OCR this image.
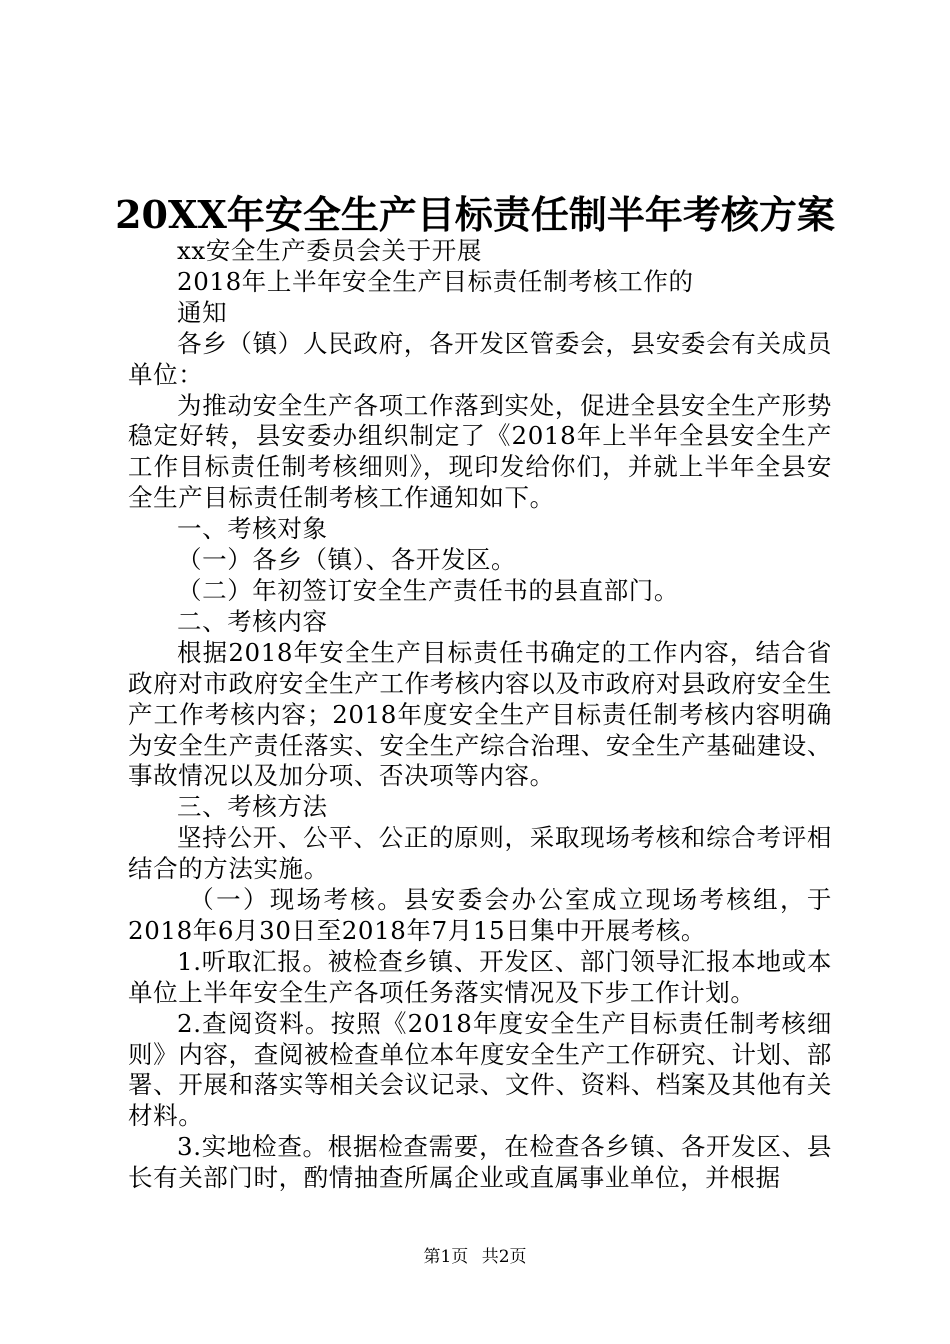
20XX年安全生产目标责任制半年考核方案

xx安全生产委员会关于开展

2018年上半年安全生产目标责任制考核工作的

通知

各乡（镇）人民政府，各开发区管委会，县安委会有关成员单位：

为推动安全生产各项工作落到实处，促进全县安全生产形势稳定好转，县安委办组织制定了《2018年上半年全县安全生产工作目标责任制考核细则》，现印发给你们，并就上半年全县安全生产目标责任制考核工作通知如下。

一、考核对象

（一）各乡（镇）、各开发区。

（二）年初签订安全生产责任书的县直部门。

二、考核内容

根据2018年安全生产目标责任书确定的工作内容，结合省政府对市政府安全生产工作考核内容以及市政府对县政府安全生产工作考核内容；2018年度安全生产目标责任制考核内容明确为安全生产责任落实、安全生产综合治理、安全生产基础建设、事故情况以及加分项、否决项等内容。

三、考核方法

坚持公开、公平、公正的原则，采取现场考核和综合考评相结合的方法实施。

（一）现场考核。县安委会办公室成立现场考核组，于2018年6月30日至2018年7月15日集中开展考核。

1.听取汇报。被检查乡镇、开发区、部门领导汇报本地或本单位上半年安全生产各项任务落实情况及下步工作计划。

2.查阅资料。按照《2018年度安全生产目标责任制考核细则》内容，查阅被检查单位本年度安全生产工作研究、计划、部署、开展和落实等相关会议记录、文件、资料、档案及其他有关材料。

3.实地检查。根据检查需要，在检查各乡镇、各开发区、县长有关部门时，酌情抽查所属企业或直属事业单位，并根据

第1页 共2页
